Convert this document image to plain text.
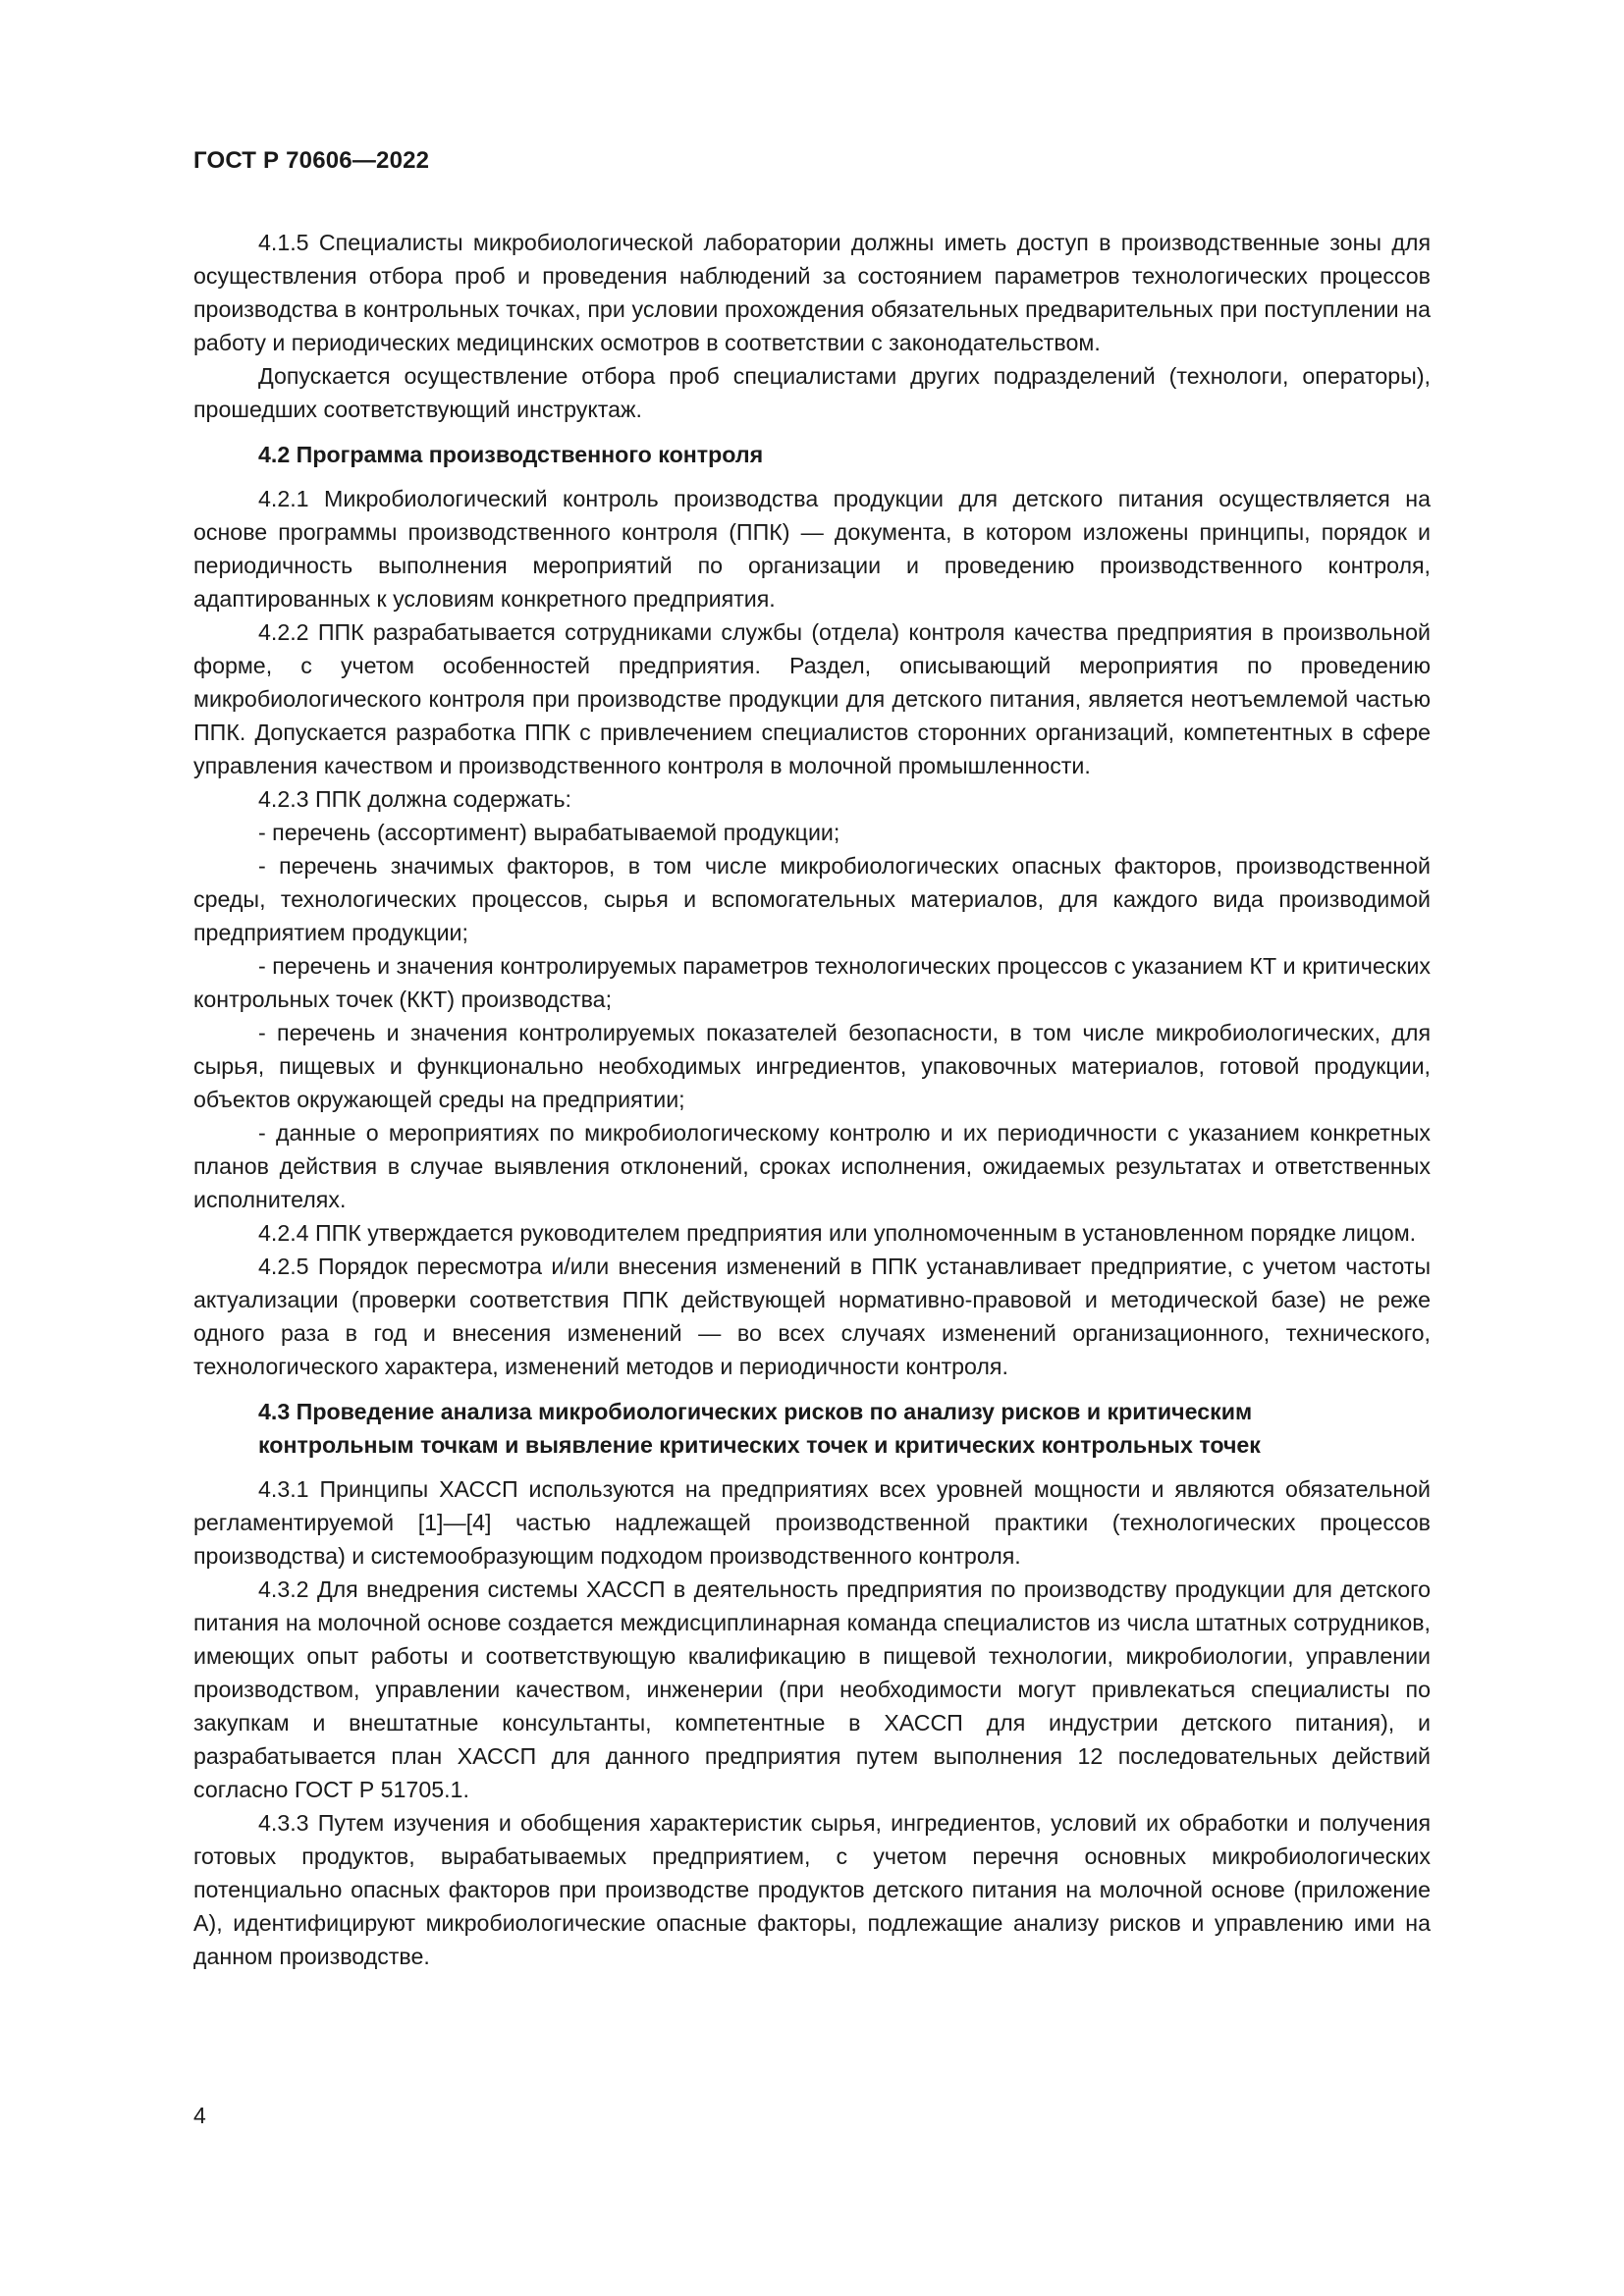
ГОСТ Р 70606—2022

4.1.5 Специалисты микробиологической лаборатории должны иметь доступ в производственные зоны для осуществления отбора проб и проведения наблюдений за состоянием параметров технологических процессов производства в контрольных точках, при условии прохождения обязательных предварительных при поступлении на работу и периодических медицинских осмотров в соответствии с законодательством.

Допускается осуществление отбора проб специалистами других подразделений (технологи, операторы), прошедших соответствующий инструктаж.

4.2 Программа производственного контроля

4.2.1 Микробиологический контроль производства продукции для детского питания осуществляется на основе программы производственного контроля (ППК) — документа, в котором изложены принципы, порядок и периодичность выполнения мероприятий по организации и проведению производственного контроля, адаптированных к условиям конкретного предприятия.

4.2.2 ППК разрабатывается сотрудниками службы (отдела) контроля качества предприятия в произвольной форме, с учетом особенностей предприятия. Раздел, описывающий мероприятия по проведению микробиологического контроля при производстве продукции для детского питания, является неотъемлемой частью ППК. Допускается разработка ППК с привлечением специалистов сторонних организаций, компетентных в сфере управления качеством и производственного контроля в молочной промышленности.

4.2.3 ППК должна содержать:

- перечень (ассортимент) вырабатываемой продукции;

- перечень значимых факторов, в том числе микробиологических опасных факторов, производственной среды, технологических процессов, сырья и вспомогательных материалов, для каждого вида производимой предприятием продукции;

- перечень и значения контролируемых параметров технологических процессов с указанием КТ и критических контрольных точек (ККТ) производства;

- перечень и значения контролируемых показателей безопасности, в том числе микробиологических, для сырья, пищевых и функционально необходимых ингредиентов, упаковочных материалов, готовой продукции, объектов окружающей среды на предприятии;

- данные о мероприятиях по микробиологическому контролю и их периодичности с указанием конкретных планов действия в случае выявления отклонений, сроках исполнения, ожидаемых результатах и ответственных исполнителях.

4.2.4 ППК утверждается руководителем предприятия или уполномоченным в установленном порядке лицом.

4.2.5 Порядок пересмотра и/или внесения изменений в ППК устанавливает предприятие, с учетом частоты актуализации (проверки соответствия ППК действующей нормативно-правовой и методической базе) не реже одного раза в год и внесения изменений — во всех случаях изменений организационного, технического, технологического характера, изменений методов и периодичности контроля.

4.3 Проведение анализа микробиологических рисков по анализу рисков и критическим
контрольным точкам и выявление критических точек и критических контрольных точек

4.3.1 Принципы ХАССП используются на предприятиях всех уровней мощности и являются обязательной регламентируемой [1]—[4] частью надлежащей производственной практики (технологических процессов производства) и системообразующим подходом производственного контроля.

4.3.2 Для внедрения системы ХАССП в деятельность предприятия по производству продукции для детского питания на молочной основе создается междисциплинарная команда специалистов из числа штатных сотрудников, имеющих опыт работы и соответствующую квалификацию в пищевой технологии, микробиологии, управлении производством, управлении качеством, инженерии (при необходимости могут привлекаться специалисты по закупкам и внештатные консультанты, компетентные в ХАССП для индустрии детского питания), и разрабатывается план ХАССП для данного предприятия путем выполнения 12 последовательных действий согласно ГОСТ Р 51705.1.

4.3.3 Путем изучения и обобщения характеристик сырья, ингредиентов, условий их обработки и получения готовых продуктов, вырабатываемых предприятием, с учетом перечня основных микробиологических потенциально опасных факторов при производстве продуктов детского питания на молочной основе (приложение А), идентифицируют микробиологические опасные факторы, подлежащие анализу рисков и управлению ими на данном производстве.

4
